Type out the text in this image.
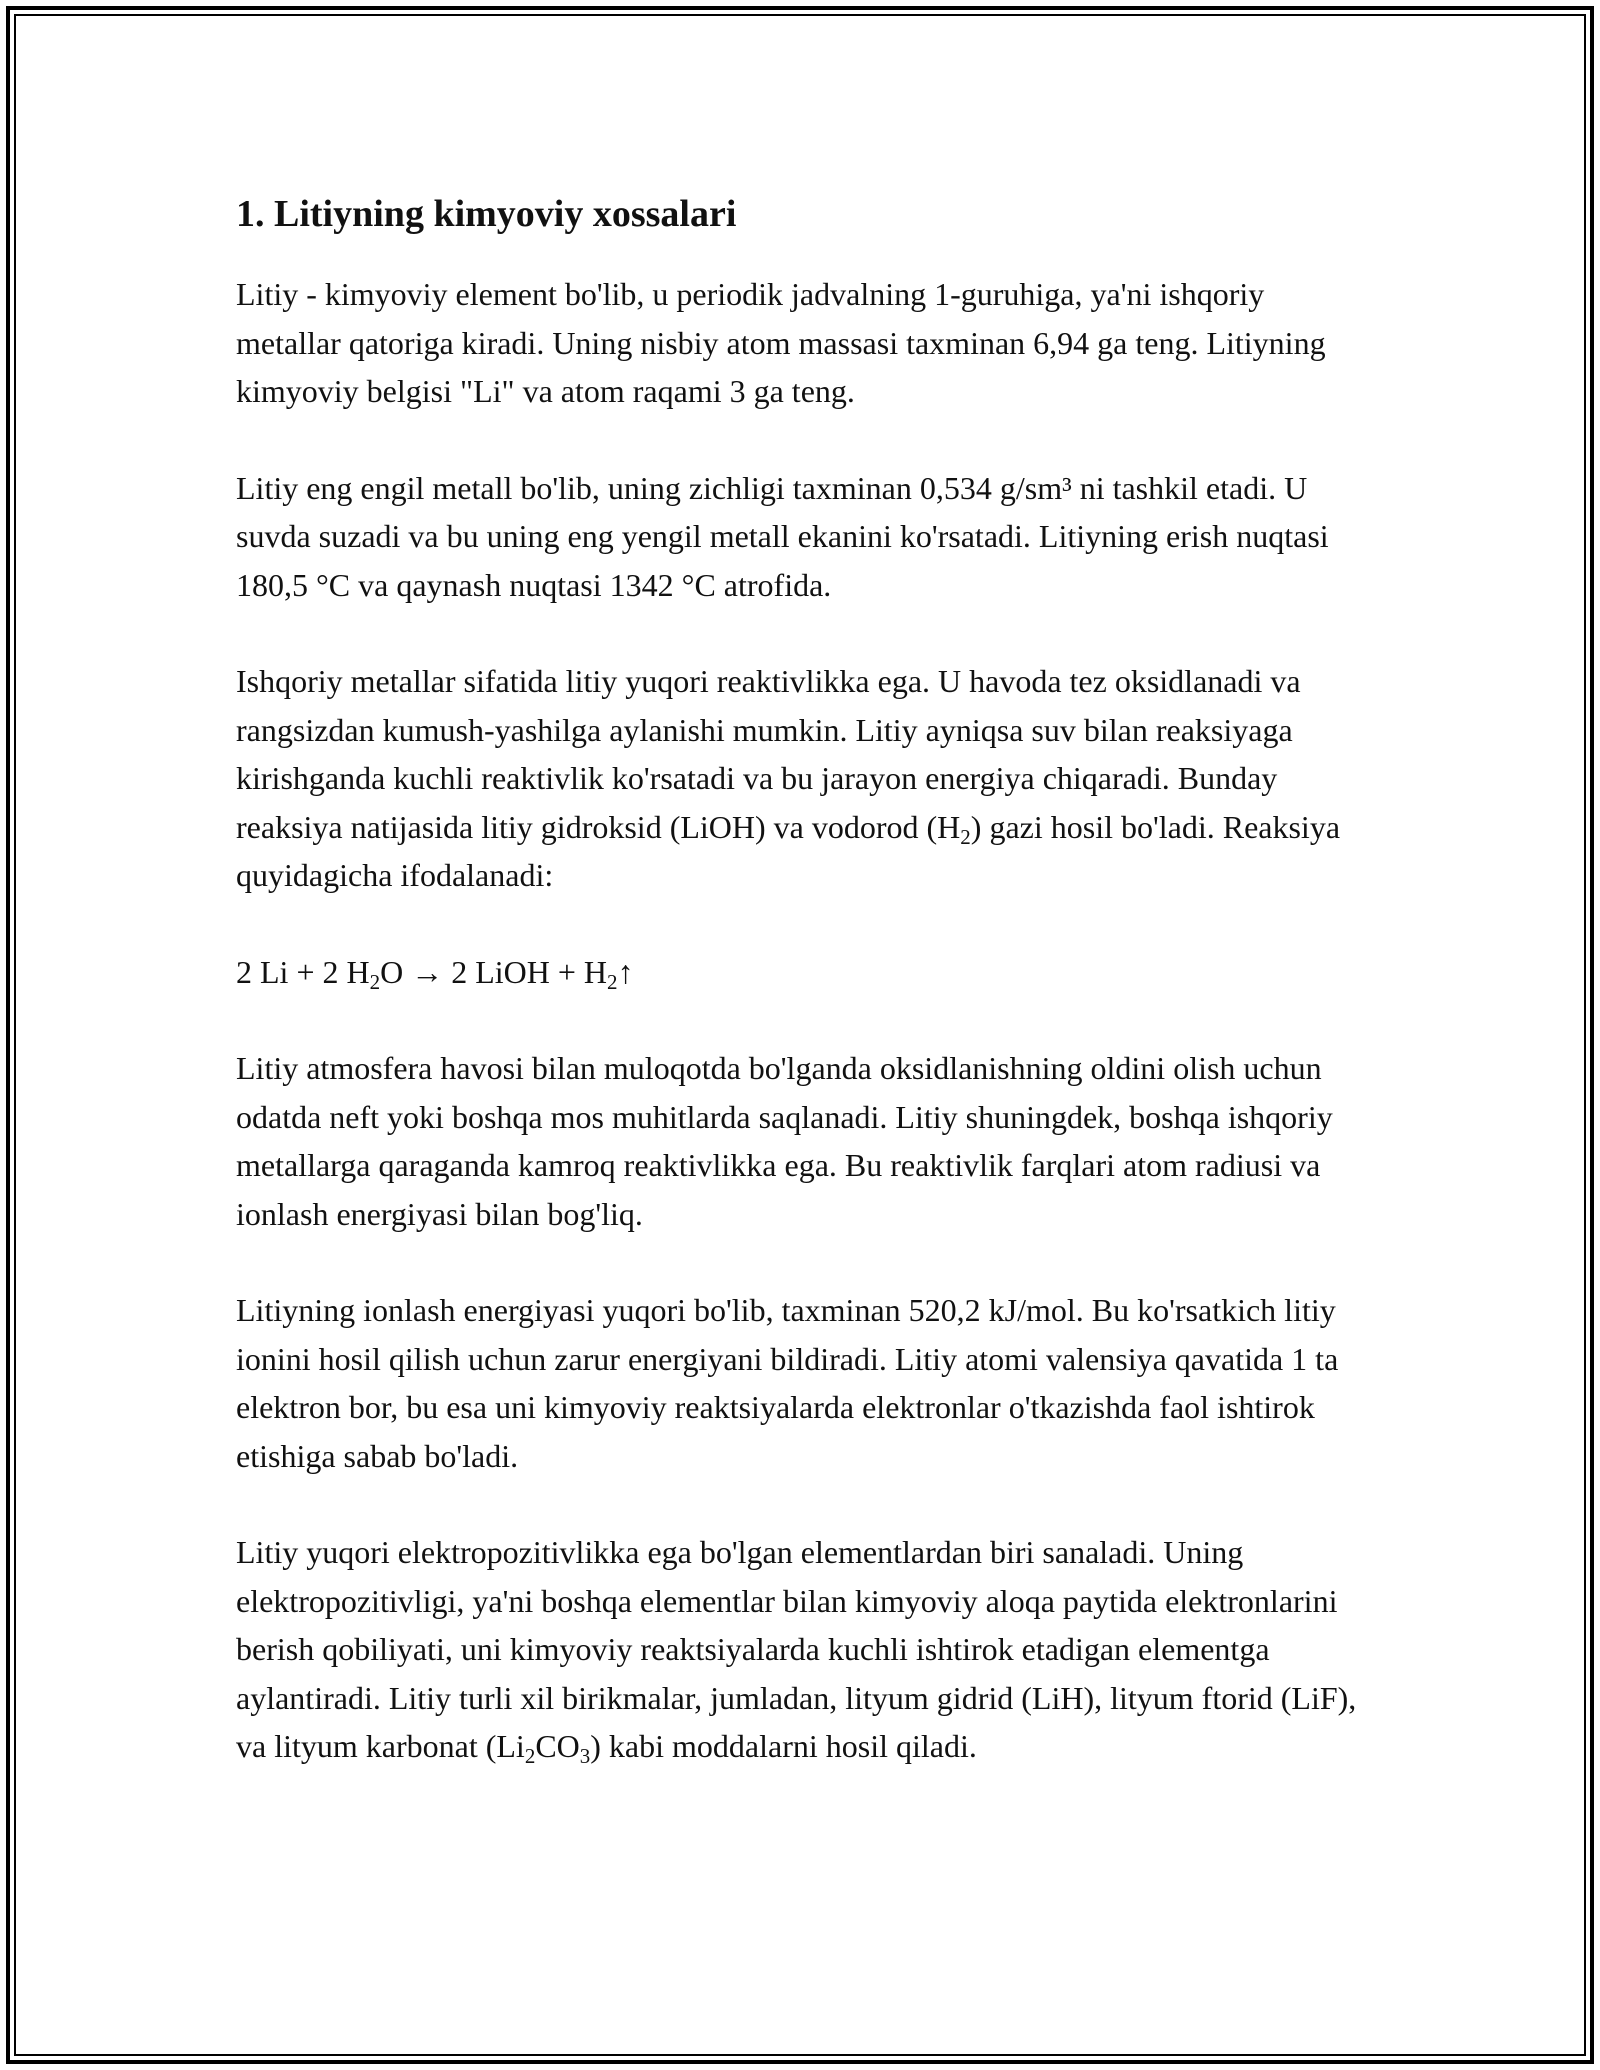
1. Litiyning kimyoviy xossalari

Litiy - kimyoviy element bo'lib, u periodik jadvalning 1-guruhiga, ya'ni ishqoriy metallar qatoriga kiradi. Uning nisbiy atom massasi taxminan 6,94 ga teng. Litiyning kimyoviy belgisi "Li" va atom raqami 3 ga teng.

Litiy eng engil metall bo'lib, uning zichligi taxminan 0,534 g/sm³ ni tashkil etadi. U suvda suzadi va bu uning eng yengil metall ekanini ko'rsatadi. Litiyning erish nuqtasi 180,5 °C va qaynash nuqtasi 1342 °C atrofida.

Ishqoriy metallar sifatida litiy yuqori reaktivlikka ega. U havoda tez oksidlanadi va rangsizdan kumush-yashilga aylanishi mumkin. Litiy ayniqsa suv bilan reaksiyaga kirishganda kuchli reaktivlik ko'rsatadi va bu jarayon energiya chiqaradi. Bunday reaksiya natijasida litiy gidroksid (LiOH) va vodorod $(H_2)$ gazi hosil bo'ladi. Reaksiya quyidagicha ifodalanadi:

2 Li + 2 $H_2O \to 2$ LiOH + $H_2↑$

Litiy atmosfera havosi bilan muloqotda bo'lganda oksidlanishning oldini olish uchun odatda neft yoki boshqa mos muhitlarda saqlanadi. Litiy shuningdek, boshqa ishqoriy metallarga qaraganda kamroq reaktivlikka ega. Bu reaktivlik farqlari atom radiusi va ionlash energiyasi bilan bog'liq.

Litiyning ionlash energiyasi yuqori bo'lib, taxminan 520,2 kJ/mol. Bu ko'rsatkich litiy ionini hosil qilish uchun zarur energiyani bildiradi. Litiy atomi valensiya qavatida 1 ta elektron bor, bu esa uni kimyoviy reaktsiyalarda elektronlar o'tkazishda faol ishtirok etishiga sabab bo'ladi.

Litiy yuqori elektropozitivlikka ega bo'lgan elementlardan biri sanaladi. Uning elektropozitivligi, ya'ni boshqa elementlar bilan kimyoviy aloqa paytida elektronlarini berish qobiliyati, uni kimyoviy reaktsiyalarda kuchli ishtirok etadigan elementga aylantiradi. Litiy turli xil birikmalar, jumladan, lityum gidrid (LiH), lityum ftorid (LiF), va lityum karbonat $(Li_2CO_3)$ kabi moddalarni hosil qiladi.
